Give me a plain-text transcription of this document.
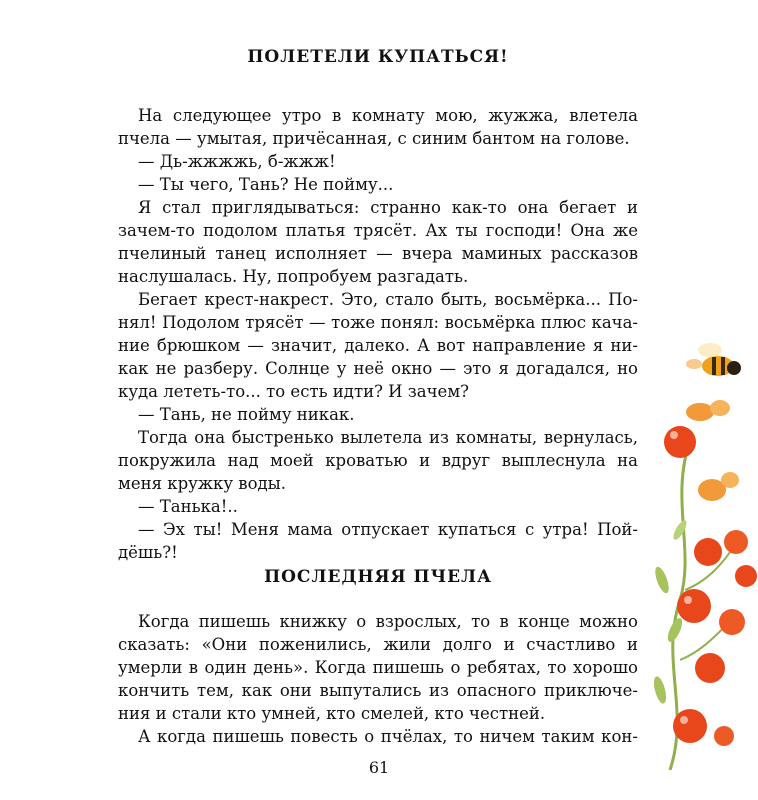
ПОЛЕТЕЛИ КУПАТЬСЯ!
На следующее утро в комнату мою, жужжа, влетела
пчела — умытая, причёсанная, с синим бантом на голове.
— Дь-жжжжь, б-жжж!
— Ты чего, Тань? Не пойму...
Я стал приглядываться: странно как-то она бегает и
зачем-то подолом платья трясёт. Ах ты господи! Она же
пчелиный танец исполняет — вчера маминых рассказов
наслушалась. Ну, попробуем разгадать.
Бегает крест-накрест. Это, стало быть, восьмёрка... По-
нял! Подолом трясёт — тоже понял: восьмёрка плюс кача-
ние брюшком — значит, далеко. А вот направление я ни-
как не разберу. Солнце у неё окно — это я догадался, но
куда лететь-то... то есть идти? И зачем?
— Тань, не пойму никак.
Тогда она быстренько вылетела из комнаты, вернулась,
покружила над моей кроватью и вдруг выплеснула на
меня кружку воды.
— Танька!..
— Эх ты! Меня мама отпускает купаться с утра! Пой-
дёшь?!
ПОСЛЕДНЯЯ ПЧЕЛА
Когда пишешь книжку о взрослых, то в конце можно
сказать: «Они поженились, жили долго и счастливо и
умерли в один день». Когда пишешь о ребятах, то хорошо
кончить тем, как они выпутались из опасного приключе-
ния и стали кто умней, кто смелей, кто честней.
А когда пишешь повесть о пчёлах, то ничем таким кон-
61
